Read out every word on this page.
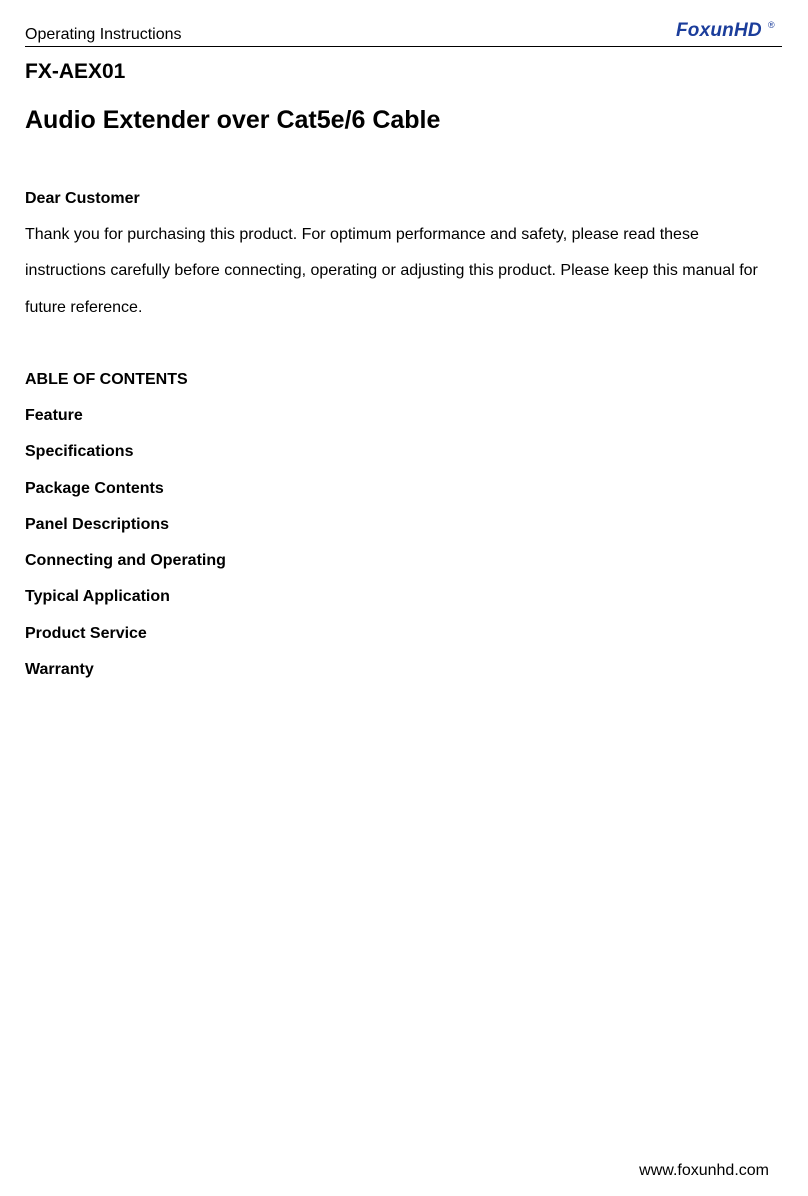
Operating Instructions	FoxunHD ®
FX-AEX01
Audio Extender over Cat5e/6 Cable
Dear Customer
Thank you for purchasing this product. For optimum performance and safety, please read these
instructions carefully before connecting, operating or adjusting this product. Please keep this manual for
future reference.
ABLE OF CONTENTS
Feature
Specifications
Package Contents
Panel Descriptions
Connecting and Operating
Typical Application
Product Service
Warranty
www.foxunhd.com
